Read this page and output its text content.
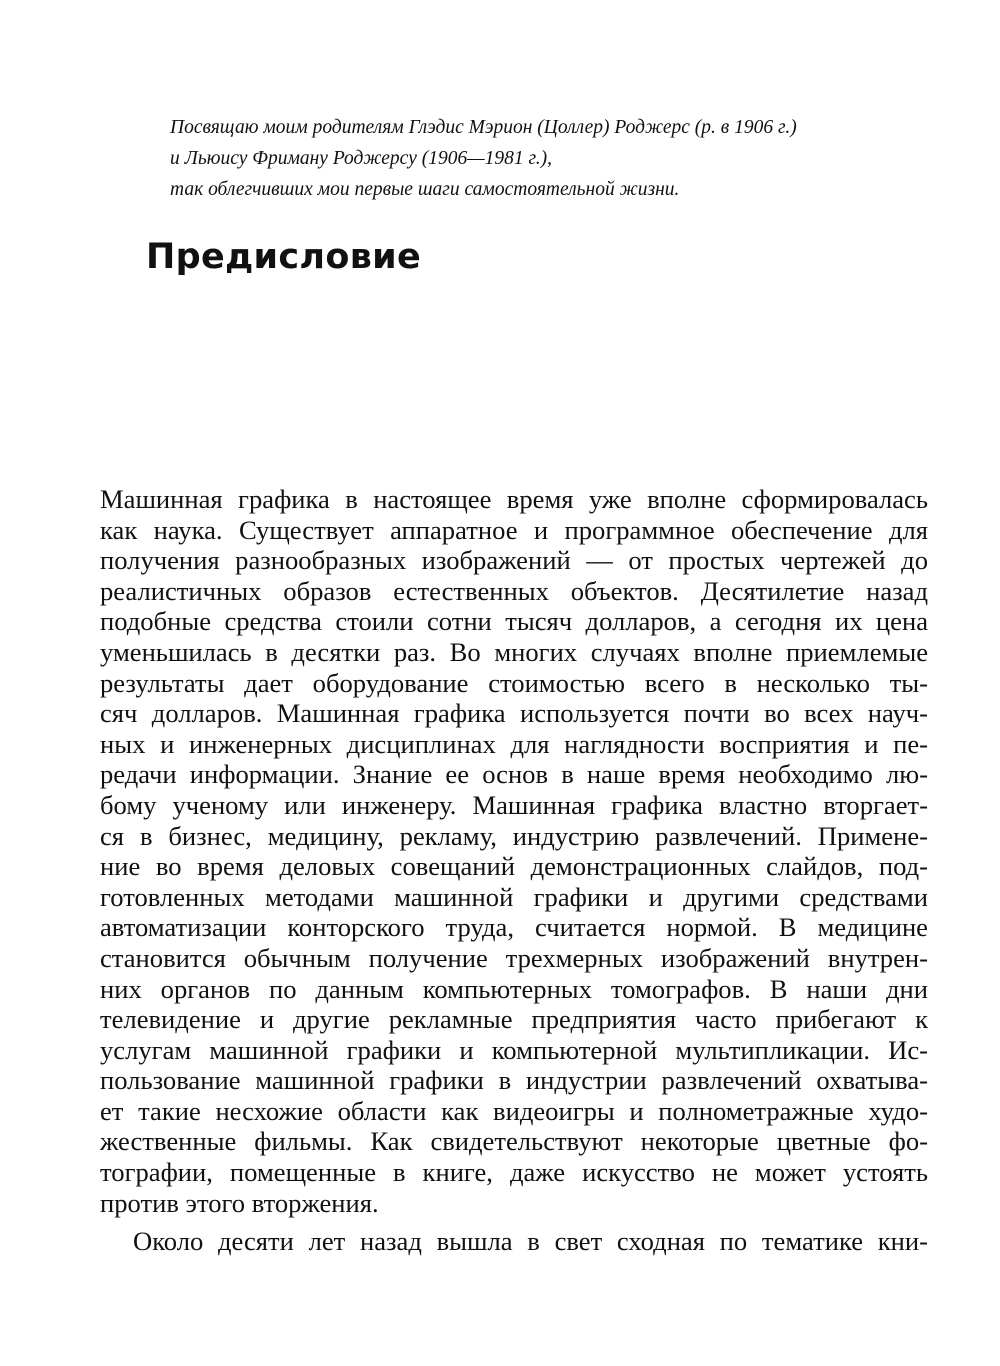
Посвящаю моим родителям Глэдис Мэрион (Цоллер) Роджерс (р. в 1906 г.)
и Льюису Фриману Роджерсу (1906—1981 г.),
так облегчивших мои первые шаги самостоятельной жизни.
Предисловие

Машинная графика в настоящее время уже вполне сформировалась
как наука. Существует аппаратное и программное обеспечение для
получения разнообразных изображений — от простых чертежей до
реалистичных образов естественных объектов. Десятилетие назад
подобные средства стоили сотни тысяч долларов, а сегодня их цена
уменьшилась в десятки раз. Во многих случаях вполне приемлемые
результаты дает оборудование стоимостью всего в несколько ты-
сяч долларов. Машинная графика используется почти во всех науч-
ных и инженерных дисциплинах для наглядности восприятия и пе-
редачи информации. Знание ее основ в наше время необходимо лю-
бому ученому или инженеру. Машинная графика властно вторгает-
ся в бизнес, медицину, рекламу, индустрию развлечений. Примене-
ние во время деловых совещаний демонстрационных слайдов, под-
готовленных методами машинной графики и другими средствами
автоматизации конторского труда, считается нормой. В медицине
становится обычным получение трехмерных изображений внутрен-
них органов по данным компьютерных томографов. В наши дни
телевидение и другие рекламные предприятия часто прибегают к
услугам машинной графики и компьютерной мультипликации. Ис-
пользование машинной графики в индустрии развлечений охватыва-
ет такие несхожие области как видеоигры и полнометражные худо-
жественные фильмы. Как свидетельствуют некоторые цветные фо-
тографии, помещенные в книге, даже искусство не может устоять
против этого вторжения.

Около десяти лет назад вышла в свет сходная по тематике кни-
